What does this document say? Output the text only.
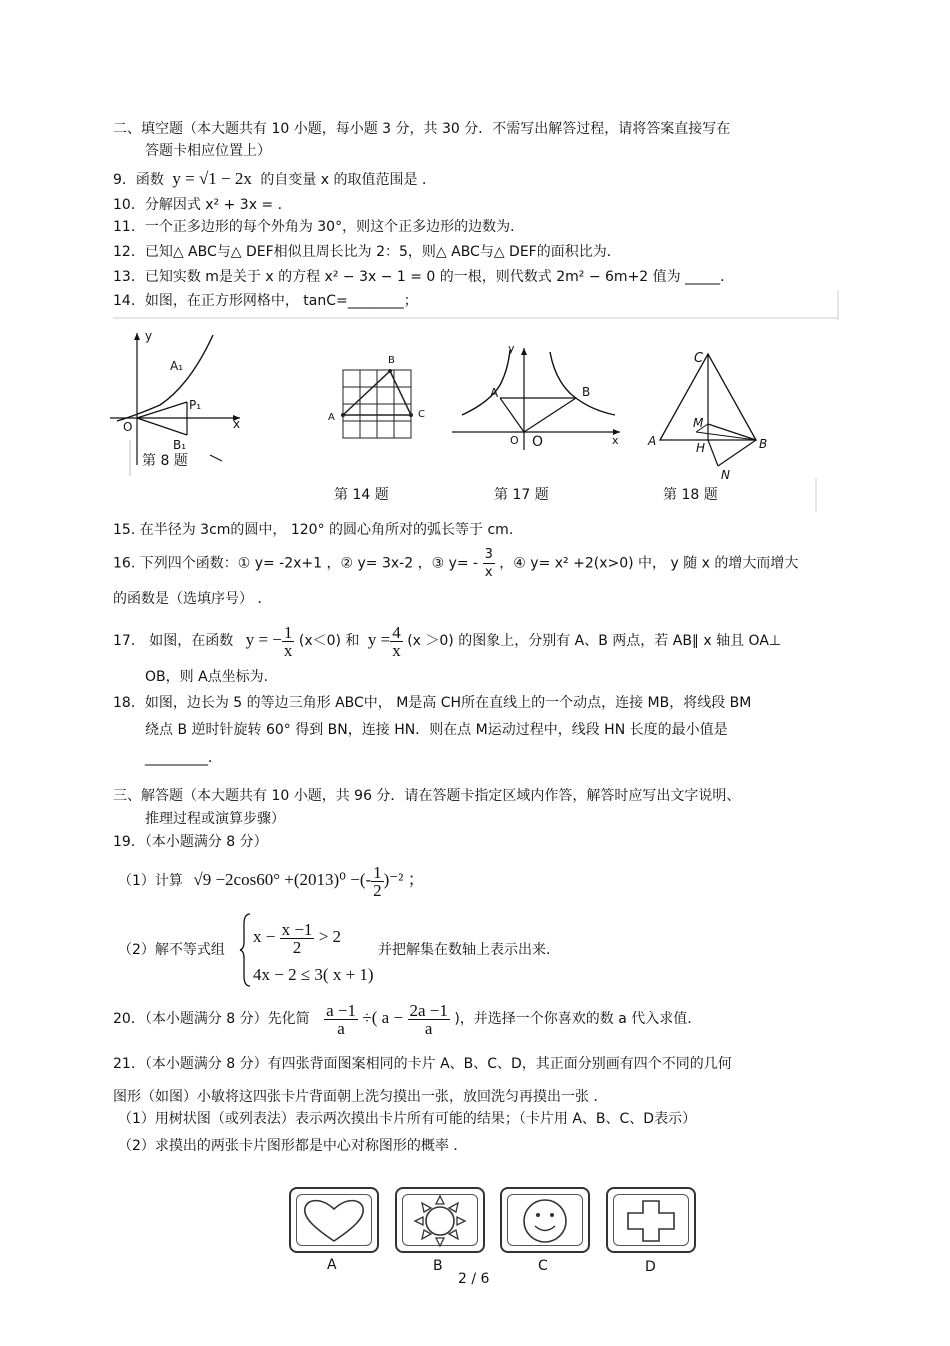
二、填空题（本大题共有 10 小题，每小题 3 分，共 30 分．不需写出解答过程，请将答案直接写在
答题卡相应位置上）
9．函数 y = √1 − 2x 的自变量 x 的取值范围是 ．
10．分解因式 x² + 3x = ．
11．一个正多边形的每个外角为 30°，则这个正多边形的边数为．
12．已知△ ABC与△ DEF相似且周长比为 2：5，则△ ABC与△ DEF的面积比为．
13．已知实数 m是关于 x 的方程 x² − 3x − 1 = 0 的一根，则代数式 2m² − 6m+2 值为 _____．
14．如图，在正方形网格中， tanC=________；
y
x
O
A₁
P₁
B₁
第 8 题
A
B
C
第 14 题
y
x
O O
A	B
第 17 题
C
M
H
A	B
N
第 18 题
15. 在半径为 3cm的圆中， 120° 的圆心角所对的弧长等于 cm.
16. 下列四个函数：① y= -2x+1 ，② y= 3x-2 ，③ $y= - \frac{3}{x}$ ，④ y= x² +2(x>0) 中， y 随 x 的增大而增大
的函数是（选填序号） ．
17． 如图，在函数 y = − $\frac{1}{x} (x<0)$ 和 $y = \frac{4}{x} (x >0)$ 的图象上，分别有 A、B 两点，若 AB∥ x 轴且 OA⊥
OB，则 A点坐标为.
18．如图，边长为 5 的等边三角形 ABC中， M是高 CH所在直线上的一个动点，连接 MB，将线段 BM
绕点 B 逆时针旋转 60° 得到 BN，连接 HN．则在点 M运动过程中，线段 HN 长度的最小值是
_________．
三、解答题（本大题共有 10 小题，共 96 分．请在答题卡指定区域内作答，解答时应写出文字说明、
推理过程或演算步骤）
19．（本小题满分 8 分）
（1）计算 √9 −2cos60° +(2013)⁰ −(- $\frac{1}{2} )^{-2}$ ；
（2）解不等式组
$x - \frac{x -1}{2} > 2$
4x − 2 ≤ 3( x + 1)
并把解集在数轴上表示出来.
20．（本小题满分 8 分）先化简 $\frac{a -1}{a}$ ÷( $a - \frac{2a -1}{a}$ )，并选择一个你喜欢的数 a 代入求值.
21．（本小题满分 8 分）有四张背面图案相同的卡片 A、B、C、D，其正面分别画有四个不同的几何
图形（如图）小敏将这四张卡片背面朝上洗匀摸出一张，放回洗匀再摸出一张 ．
（1）用树状图（或列表法）表示两次摸出卡片所有可能的结果；（卡片用 A、B、C、D表示）
（2）求摸出的两张卡片图形都是中心对称图形的概率 ．
A	B	C	D
2 / 6
